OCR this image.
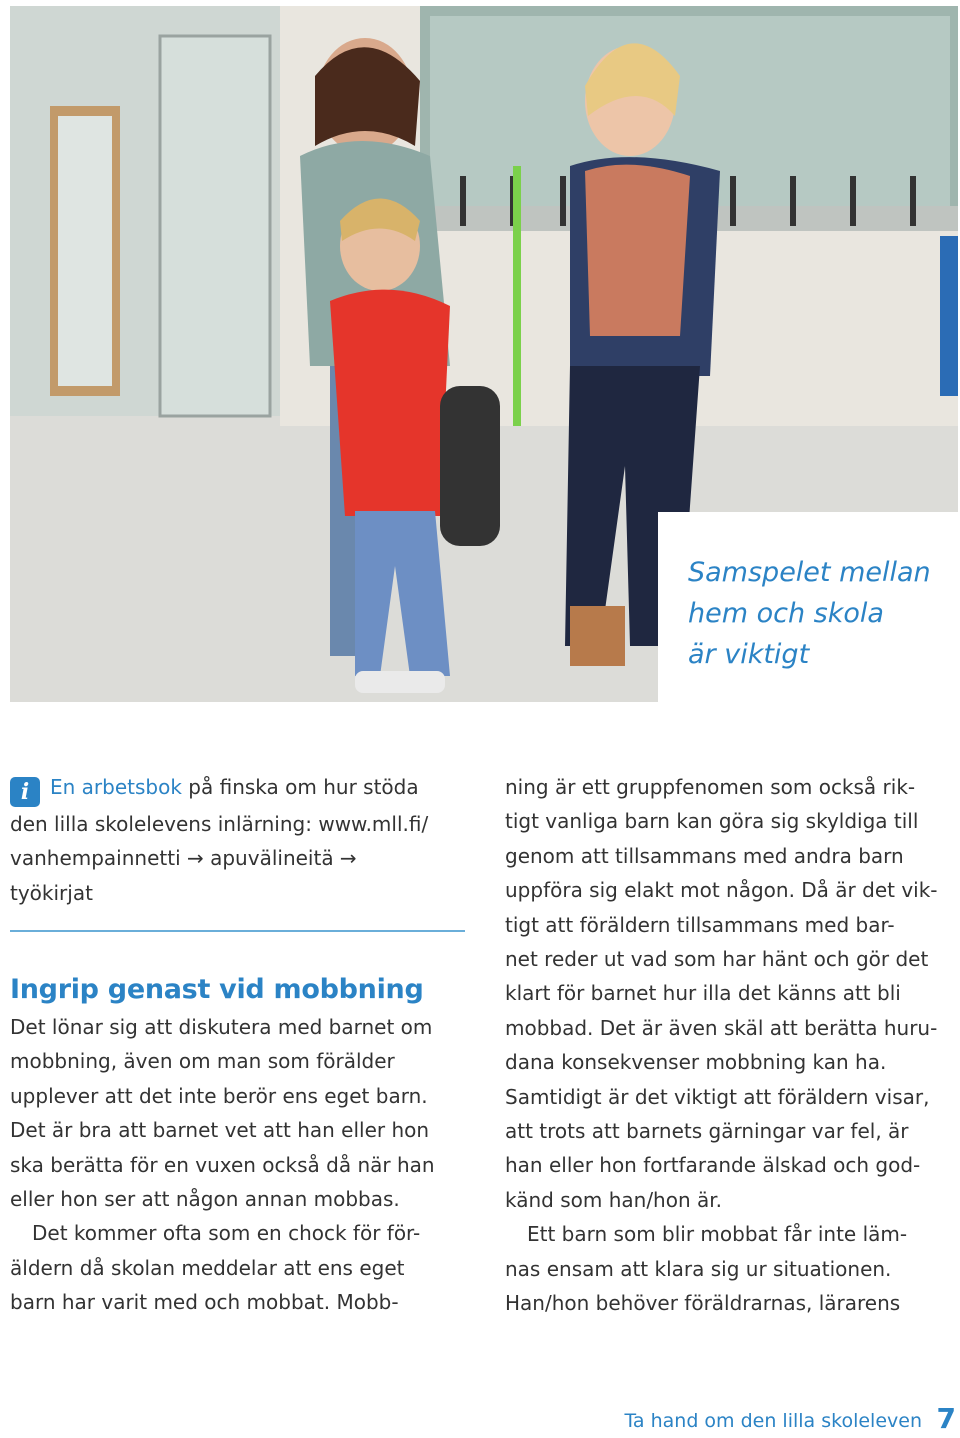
Samspelet mellan
hem och skola
är viktigt
i En arbetsbok på finska om hur stöda
den lilla skolelevens inlärning: www.mll.fi/
vanhempainnetti → apuvälineitä →
työkirjat
Ingrip genast vid mobbning
Det lönar sig att diskutera med barnet om
mobbning, även om man som förälder
upplever att det inte berör ens eget barn.
Det är bra att barnet vet att han eller hon
ska berätta för en vuxen också då när han
eller hon ser att någon annan mobbas.
Det kommer ofta som en chock för för-
äldern då skolan meddelar att ens eget
barn har varit med och mobbat. Mobb-
ning är ett gruppfenomen som också rik-
tigt vanliga barn kan göra sig skyldiga till
genom att tillsammans med andra barn
uppföra sig elakt mot någon. Då är det vik-
tigt att föräldern tillsammans med bar-
net reder ut vad som har hänt och gör det
klart för barnet hur illa det känns att bli
mobbad. Det är även skäl att berätta huru-
dana konsekvenser mobbning kan ha.
Samtidigt är det viktigt att föräldern visar,
att trots att barnets gärningar var fel, är
han eller hon fortfarande älskad och god-
känd som han/hon är.
Ett barn som blir mobbat får inte läm-
nas ensam att klara sig ur situationen.
Han/hon behöver föräldrarnas, lärarens
Ta hand om den lilla skoleleven 7
